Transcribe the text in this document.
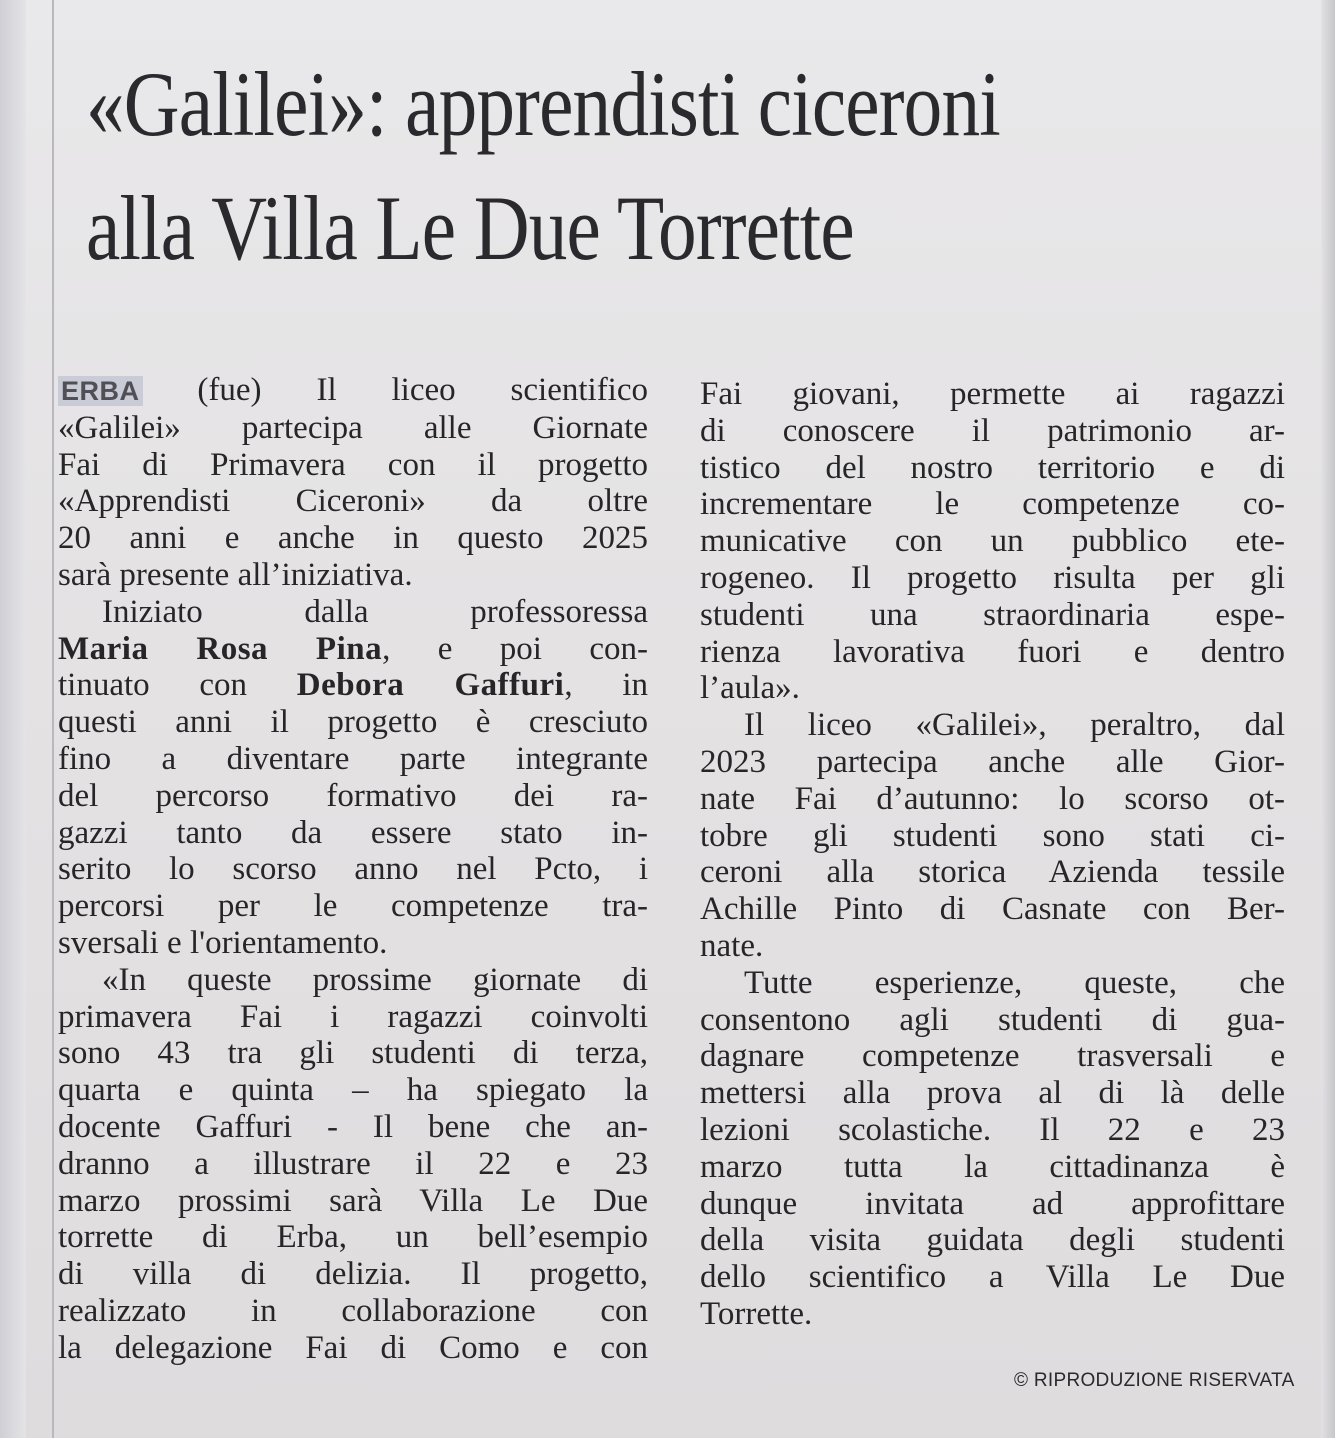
«Galilei»: apprendisti ciceroni
alla Villa Le Due Torrette

ERBA (fue) Il liceo scientifico
«Galilei» partecipa alle Giornate
Fai di Primavera con il progetto
«Apprendisti Ciceroni» da oltre
20 anni e anche in questo 2025
sarà presente all’iniziativa.

Iniziato dalla professoressa
Maria Rosa Pina, e poi con-
tinuato con Debora Gaffuri, in
questi anni il progetto è cresciuto
fino a diventare parte integrante
del percorso formativo dei ra-
gazzi tanto da essere stato in-
serito lo scorso anno nel Pcto, i
percorsi per le competenze tra-
sversali e l'orientamento.

«In queste prossime giornate di
primavera Fai i ragazzi coinvolti
sono 43 tra gli studenti di terza,
quarta e quinta – ha spiegato la
docente Gaffuri - Il bene che an-
dranno a illustrare il 22 e 23
marzo prossimi sarà Villa Le Due
torrette di Erba, un bell’esempio
di villa di delizia. Il progetto,
realizzato in collaborazione con
la delegazione Fai di Como e con

Fai giovani, permette ai ragazzi
di conoscere il patrimonio ar-
tistico del nostro territorio e di
incrementare le competenze co-
municative con un pubblico ete-
rogeneo. Il progetto risulta per gli
studenti una straordinaria espe-
rienza lavorativa fuori e dentro
l’aula».

Il liceo «Galilei», peraltro, dal
2023 partecipa anche alle Gior-
nate Fai d’autunno: lo scorso ot-
tobre gli studenti sono stati ci-
ceroni alla storica Azienda tessile
Achille Pinto di Casnate con Ber-
nate.

Tutte esperienze, queste, che
consentono agli studenti di gua-
dagnare competenze trasversali e
mettersi alla prova al di là delle
lezioni scolastiche. Il 22 e 23
marzo tutta la cittadinanza è
dunque invitata ad approfittare
della visita guidata degli studenti
dello scientifico a Villa Le Due
Torrette.

© RIPRODUZIONE RISERVATA
